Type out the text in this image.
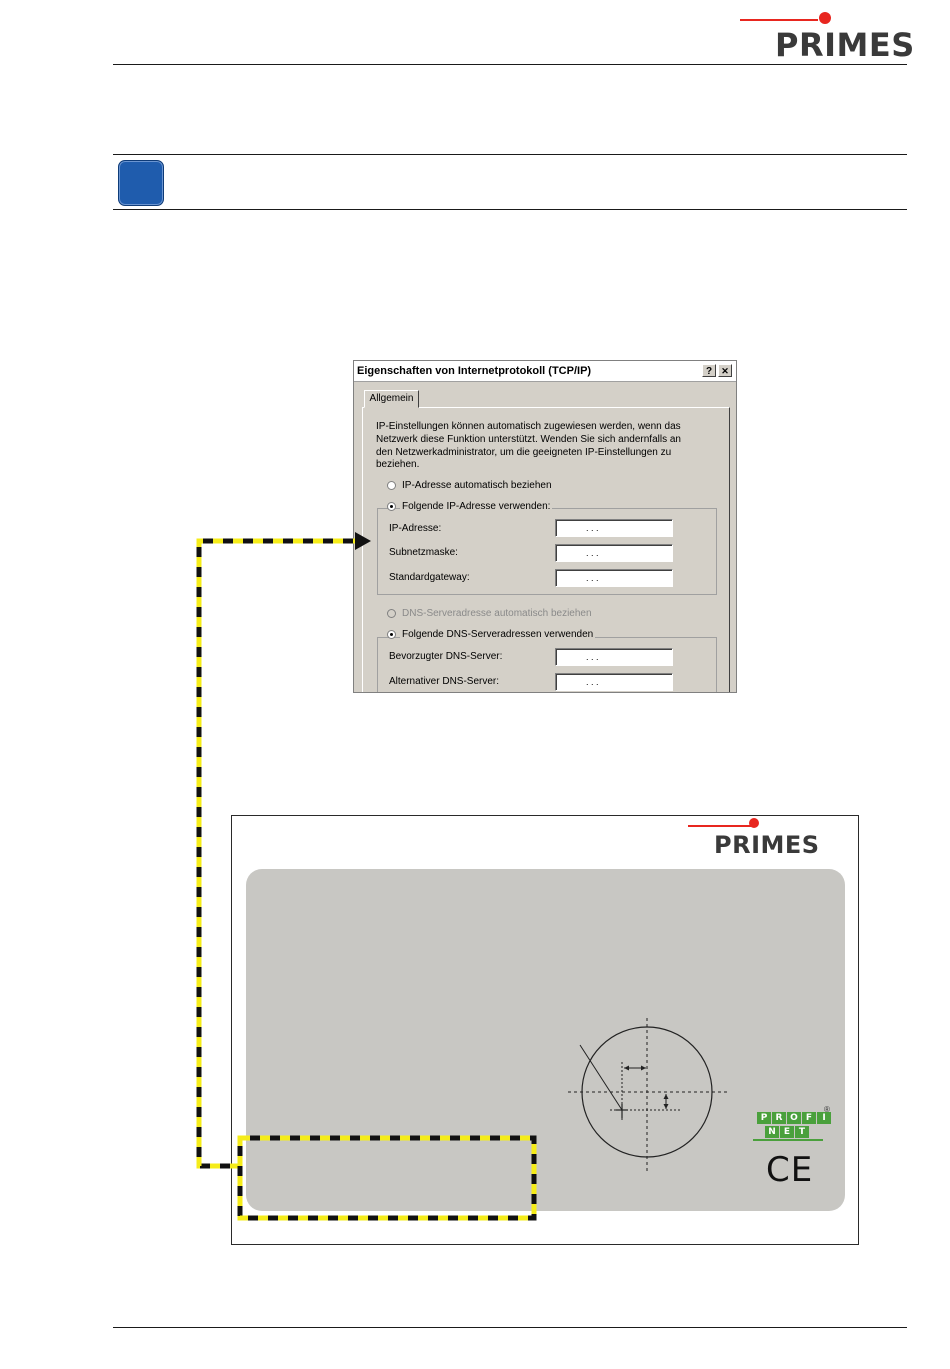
PRIMES
Eigenschaften von Internetprotokoll (TCP/IP)	?	✕
Allgemein
IP-Einstellungen können automatisch zugewiesen werden, wenn das
Netzwerk diese Funktion unterstützt. Wenden Sie sich andernfalls an
den Netzwerkadministrator, um die geeigneten IP-Einstellungen zu
beziehen.
IP-Adresse automatisch beziehen
Folgende IP-Adresse verwenden:
IP-Adresse:	. . .
Subnetzmaske:	. . .
Standardgateway:	. . .
DNS-Serveradresse automatisch beziehen
Folgende DNS-Serveradressen verwenden
Bevorzugter DNS-Server:	. . .
Alternativer DNS-Server:	. . .
PRIMES
P R O F	I
N E T
®
CE
